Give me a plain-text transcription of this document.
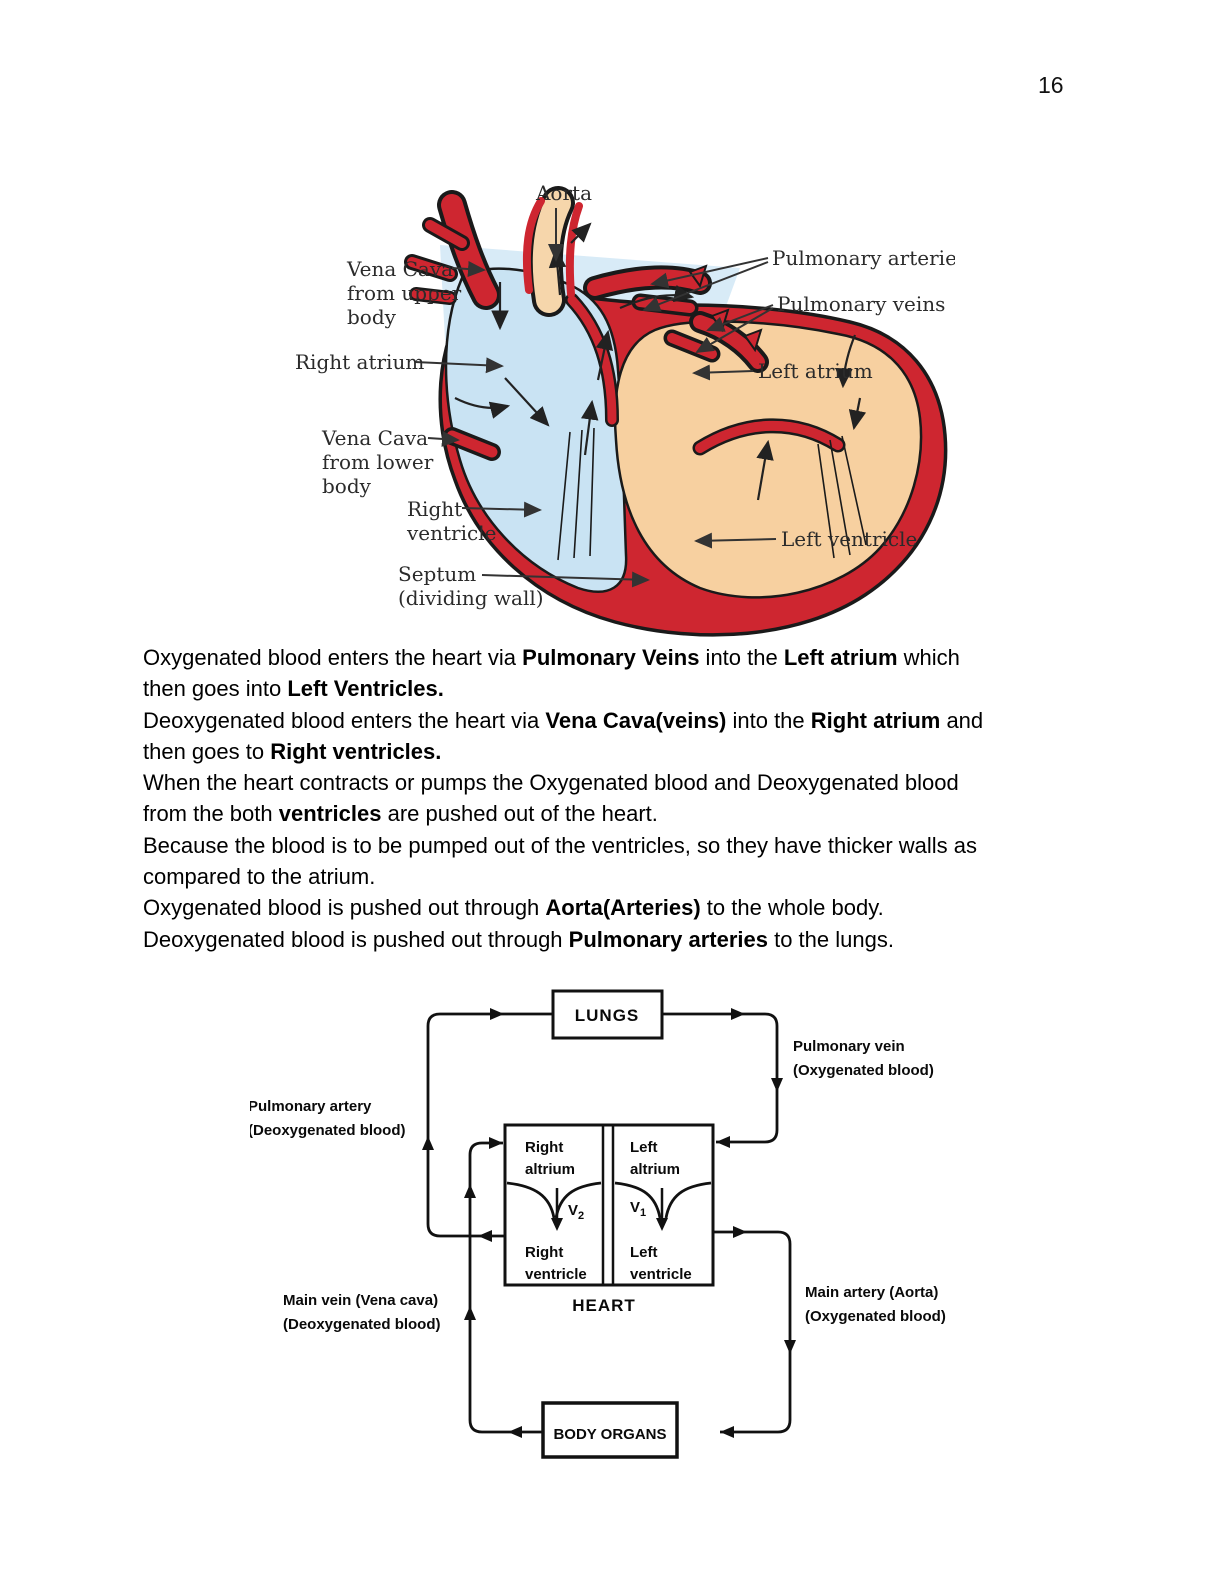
16
Aorta
Vena Cava
from upper
body
Right atrium
Vena Cava
from lower
body
Right
ventricle
Septum
(dividing wall)
Pulmonary arteries
Pulmonary veins
Left atrium
Left ventricle
Oxygenated blood enters the heart via Pulmonary Veins into the Left atrium which
then goes into Left Ventricles.
Deoxygenated blood enters the heart via Vena Cava(veins) into the Right atrium and
then goes to Right ventricles.
When the heart contracts or pumps the Oxygenated blood and Deoxygenated blood
from the both ventricles are pushed out of the heart.
Because the blood is to be pumped out of the ventricles, so they have thicker walls as
compared to the atrium.
Oxygenated blood is pushed out through Aorta(Arteries) to the whole body.
Deoxygenated blood is pushed out through Pulmonary arteries to the lungs.
LUNGS
Right
altrium
Left
altrium
Right
ventricle
Left
ventricle
$V_2$	$V_1$
HEART
BODY ORGANS
Pulmonary vein
(Oxygenated blood)
Pulmonary artery
(Deoxygenated blood)
Main vein (Vena cava)
(Deoxygenated blood)
Main artery (Aorta)
(Oxygenated blood)
